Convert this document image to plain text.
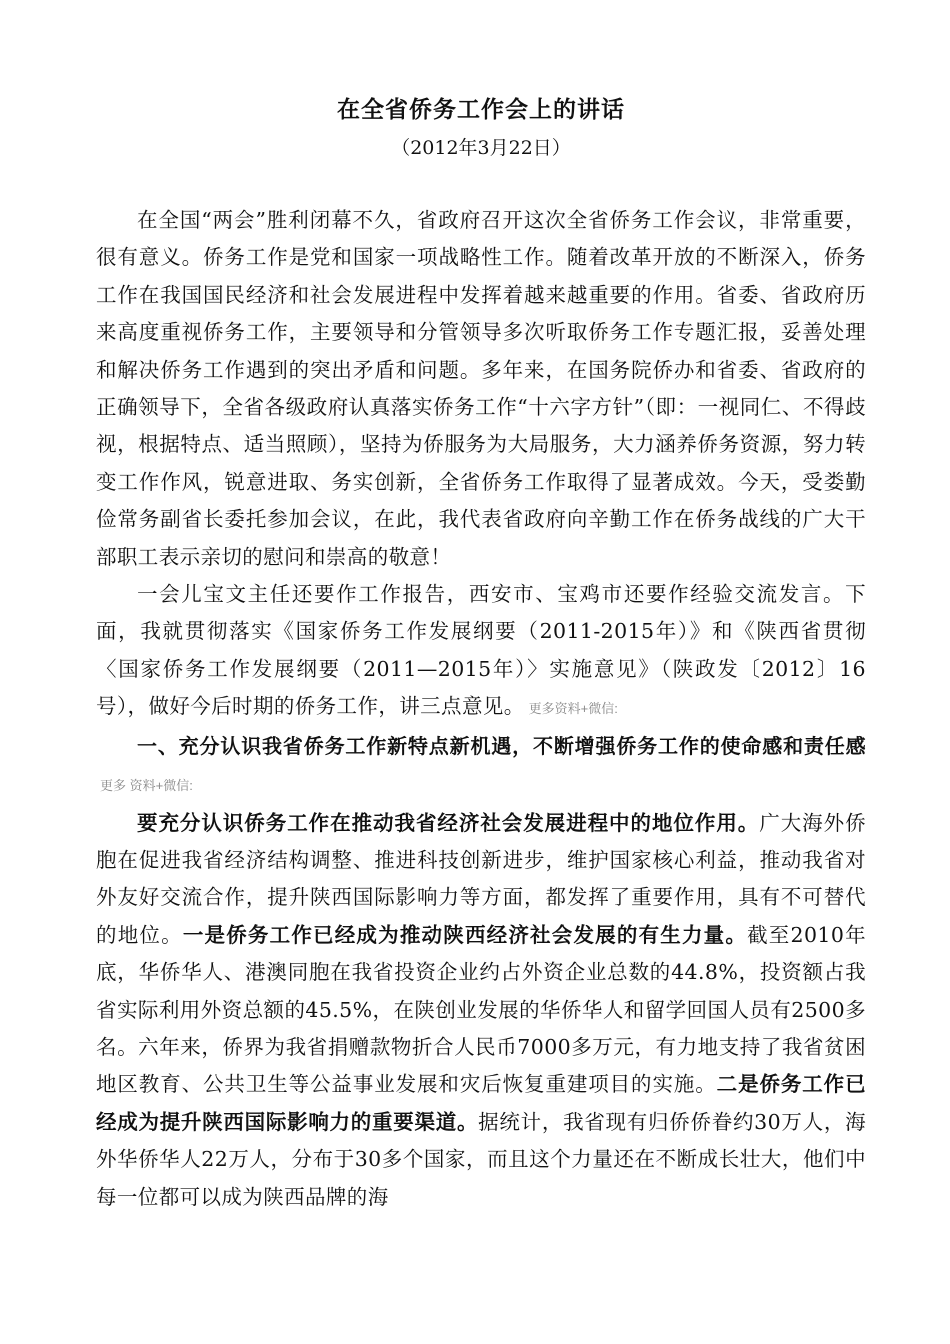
在全省侨务工作会上的讲话
（2012年3月22日）

在全国“两会”胜利闭幕不久，省政府召开这次全省侨务工作会议，非常重要，很有意义。侨务工作是党和国家一项战略性工作。随着改革开放的不断深入，侨务工作在我国国民经济和社会发展进程中发挥着越来越重要的作用。省委、省政府历来高度重视侨务工作，主要领导和分管领导多次听取侨务工作专题汇报，妥善处理和解决侨务工作遇到的突出矛盾和问题。多年来，在国务院侨办和省委、省政府的正确领导下，全省各级政府认真落实侨务工作“十六字方针”（即：一视同仁、不得歧视，根据特点、适当照顾），坚持为侨服务为大局服务，大力涵养侨务资源，努力转变工作作风，锐意进取、务实创新，全省侨务工作取得了显著成效。今天，受娄勤俭常务副省长委托参加会议，在此，我代表省政府向辛勤工作在侨务战线的广大干部职工表示亲切的慰问和崇高的敬意！

一会儿宝文主任还要作工作报告，西安市、宝鸡市还要作经验交流发言。下面，我就贯彻落实《国家侨务工作发展纲要（2011-2015年）》和《陕西省贯彻〈国家侨务工作发展纲要（2011—2015年）〉实施意见》（陕政发〔2012〕16号），做好今后时期的侨务工作，讲三点意见。 更多资料+微信:

一、充分认识我省侨务工作新特点新机遇，不断增强侨务工作的使命感和责任感更多 资料+微信:

要充分认识侨务工作在推动我省经济社会发展进程中的地位作用。广大海外侨胞在促进我省经济结构调整、推进科技创新进步，维护国家核心利益，推动我省对外友好交流合作，提升陕西国际影响力等方面，都发挥了重要作用，具有不可替代的地位。一是侨务工作已经成为推动陕西经济社会发展的有生力量。截至2010年底，华侨华人、港澳同胞在我省投资企业约占外资企业总数的44.8%，投资额占我省实际利用外资总额的45.5%，在陕创业发展的华侨华人和留学回国人员有2500多名。六年来，侨界为我省捐赠款物折合人民币7000多万元，有力地支持了我省贫困地区教育、公共卫生等公益事业发展和灾后恢复重建项目的实施。二是侨务工作已经成为提升陕西国际影响力的重要渠道。据统计，我省现有归侨侨眷约30万人，海外华侨华人22万人，分布于30多个国家，而且这个力量还在不断成长壮大，他们中每一位都可以成为陕西品牌的海
